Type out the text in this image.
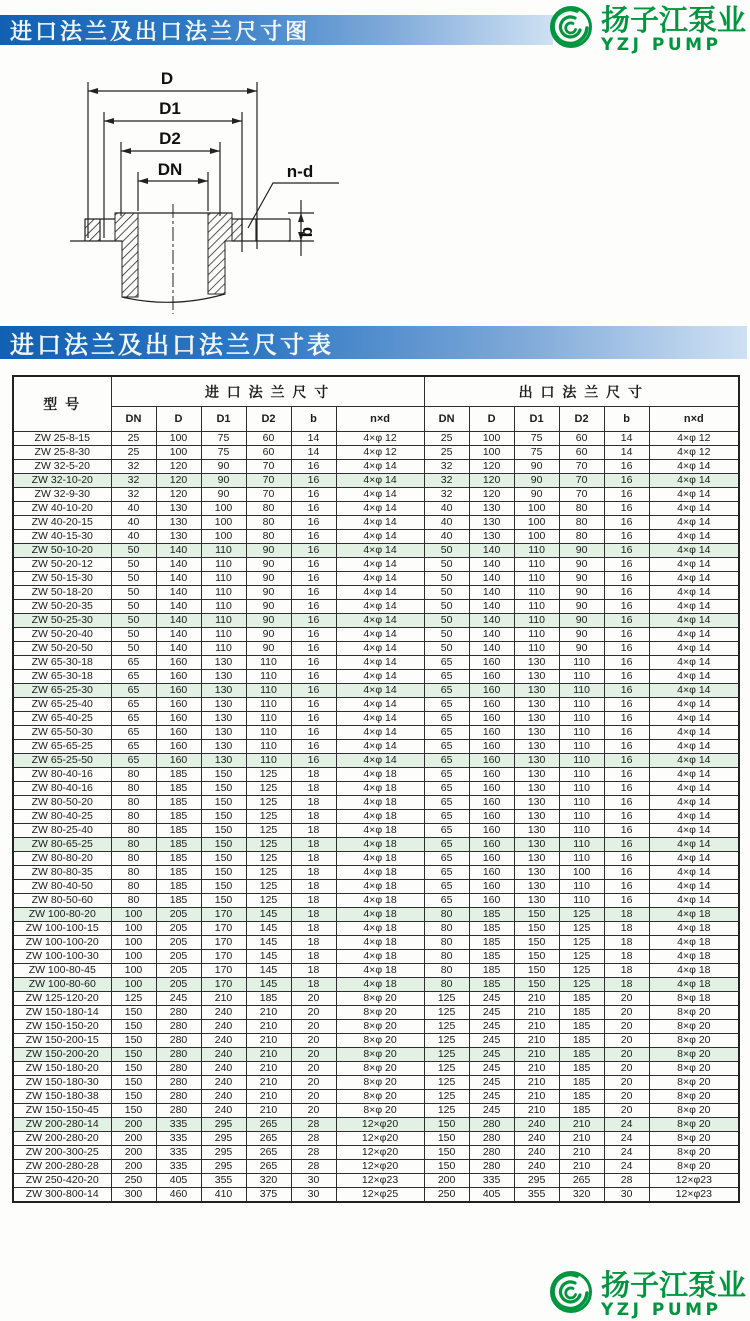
进口法兰及出口法兰尺寸图	扬子江泵业
YZJ PUMP
D
D1
D2
DN	n-d
b
进口法兰及出口法兰尺寸表
型 号	进 口 法 兰 尺 寸						出 口 法 兰 尺 寸					
	DN	D	D1	D2	b	n×d	DN	D	D1	D2	b	n×d
ZW 25-8-15	25	100	75	60	14	4×φ 12	25	100	75	60	14	4×φ 12
ZW 25-8-30	25	100	75	60	14	4×φ 12	25	100	75	60	14	4×φ 12
ZW 32-5-20	32	120	90	70	16	4×φ 14	32	120	90	70	16	4×φ 14
ZW 32-10-20	32	120	90	70	16	4×φ 14	32	120	90	70	16	4×φ 14
ZW 32-9-30	32	120	90	70	16	4×φ 14	32	120	90	70	16	4×φ 14
ZW 40-10-20	40	130	100	80	16	4×φ 14	40	130	100	80	16	4×φ 14
ZW 40-20-15	40	130	100	80	16	4×φ 14	40	130	100	80	16	4×φ 14
ZW 40-15-30	40	130	100	80	16	4×φ 14	40	130	100	80	16	4×φ 14
ZW 50-10-20	50	140	110	90	16	4×φ 14	50	140	110	90	16	4×φ 14
ZW 50-20-12	50	140	110	90	16	4×φ 14	50	140	110	90	16	4×φ 14
ZW 50-15-30	50	140	110	90	16	4×φ 14	50	140	110	90	16	4×φ 14
ZW 50-18-20	50	140	110	90	16	4×φ 14	50	140	110	90	16	4×φ 14
ZW 50-20-35	50	140	110	90	16	4×φ 14	50	140	110	90	16	4×φ 14
ZW 50-25-30	50	140	110	90	16	4×φ 14	50	140	110	90	16	4×φ 14
ZW 50-20-40	50	140	110	90	16	4×φ 14	50	140	110	90	16	4×φ 14
ZW 50-20-50	50	140	110	90	16	4×φ 14	50	140	110	90	16	4×φ 14
ZW 65-30-18	65	160	130	110	16	4×φ 14	65	160	130	110	16	4×φ 14
ZW 65-30-18	65	160	130	110	16	4×φ 14	65	160	130	110	16	4×φ 14
ZW 65-25-30	65	160	130	110	16	4×φ 14	65	160	130	110	16	4×φ 14
ZW 65-25-40	65	160	130	110	16	4×φ 14	65	160	130	110	16	4×φ 14
ZW 65-40-25	65	160	130	110	16	4×φ 14	65	160	130	110	16	4×φ 14
ZW 65-50-30	65	160	130	110	16	4×φ 14	65	160	130	110	16	4×φ 14
ZW 65-65-25	65	160	130	110	16	4×φ 14	65	160	130	110	16	4×φ 14
ZW 65-25-50	65	160	130	110	16	4×φ 14	65	160	130	110	16	4×φ 14
ZW 80-40-16	80	185	150	125	18	4×φ 18	65	160	130	110	16	4×φ 14
ZW 80-40-16	80	185	150	125	18	4×φ 18	65	160	130	110	16	4×φ 14
ZW 80-50-20	80	185	150	125	18	4×φ 18	65	160	130	110	16	4×φ 14
ZW 80-40-25	80	185	150	125	18	4×φ 18	65	160	130	110	16	4×φ 14
ZW 80-25-40	80	185	150	125	18	4×φ 18	65	160	130	110	16	4×φ 14
ZW 80-65-25	80	185	150	125	18	4×φ 18	65	160	130	110	16	4×φ 14
ZW 80-80-20	80	185	150	125	18	4×φ 18	65	160	130	110	16	4×φ 14
ZW 80-80-35	80	185	150	125	18	4×φ 18	65	160	130	100	16	4×φ 14
ZW 80-40-50	80	185	150	125	18	4×φ 18	65	160	130	110	16	4×φ 14
ZW 80-50-60	80	185	150	125	18	4×φ 18	65	160	130	110	16	4×φ 14
ZW 100-80-20	100	205	170	145	18	4×φ 18	80	185	150	125	18	4×φ 18
ZW 100-100-15	100	205	170	145	18	4×φ 18	80	185	150	125	18	4×φ 18
ZW 100-100-20	100	205	170	145	18	4×φ 18	80	185	150	125	18	4×φ 18
ZW 100-100-30	100	205	170	145	18	4×φ 18	80	185	150	125	18	4×φ 18
ZW 100-80-45	100	205	170	145	18	4×φ 18	80	185	150	125	18	4×φ 18
ZW 100-80-60	100	205	170	145	18	4×φ 18	80	185	150	125	18	4×φ 18
ZW 125-120-20	125	245	210	185	20	8×φ 20	125	245	210	185	20	8×φ 18
ZW 150-180-14	150	280	240	210	20	8×φ 20	125	245	210	185	20	8×φ 20
ZW 150-150-20	150	280	240	210	20	8×φ 20	125	245	210	185	20	8×φ 20
ZW 150-200-15	150	280	240	210	20	8×φ 20	125	245	210	185	20	8×φ 20
ZW 150-200-20	150	280	240	210	20	8×φ 20	125	245	210	185	20	8×φ 20
ZW 150-180-20	150	280	240	210	20	8×φ 20	125	245	210	185	20	8×φ 20
ZW 150-180-30	150	280	240	210	20	8×φ 20	125	245	210	185	20	8×φ 20
ZW 150-180-38	150	280	240	210	20	8×φ 20	125	245	210	185	20	8×φ 20
ZW 150-150-45	150	280	240	210	20	8×φ 20	125	245	210	185	20	8×φ 20
ZW 200-280-14	200	335	295	265	28	12×φ20	150	280	240	210	24	8×φ 20
ZW 200-280-20	200	335	295	265	28	12×φ20	150	280	240	210	24	8×φ 20
ZW 200-300-25	200	335	295	265	28	12×φ20	150	280	240	210	24	8×φ 20
ZW 200-280-28	200	335	295	265	28	12×φ20	150	280	240	210	24	8×φ 20
ZW 250-420-20	250	405	355	320	30	12×φ23	200	335	295	265	28	12×φ23
ZW 300-800-14	300	460	410	375	30	12×φ25	250	405	355	320	30	12×φ23
扬子江泵业
YZJ PUMP
